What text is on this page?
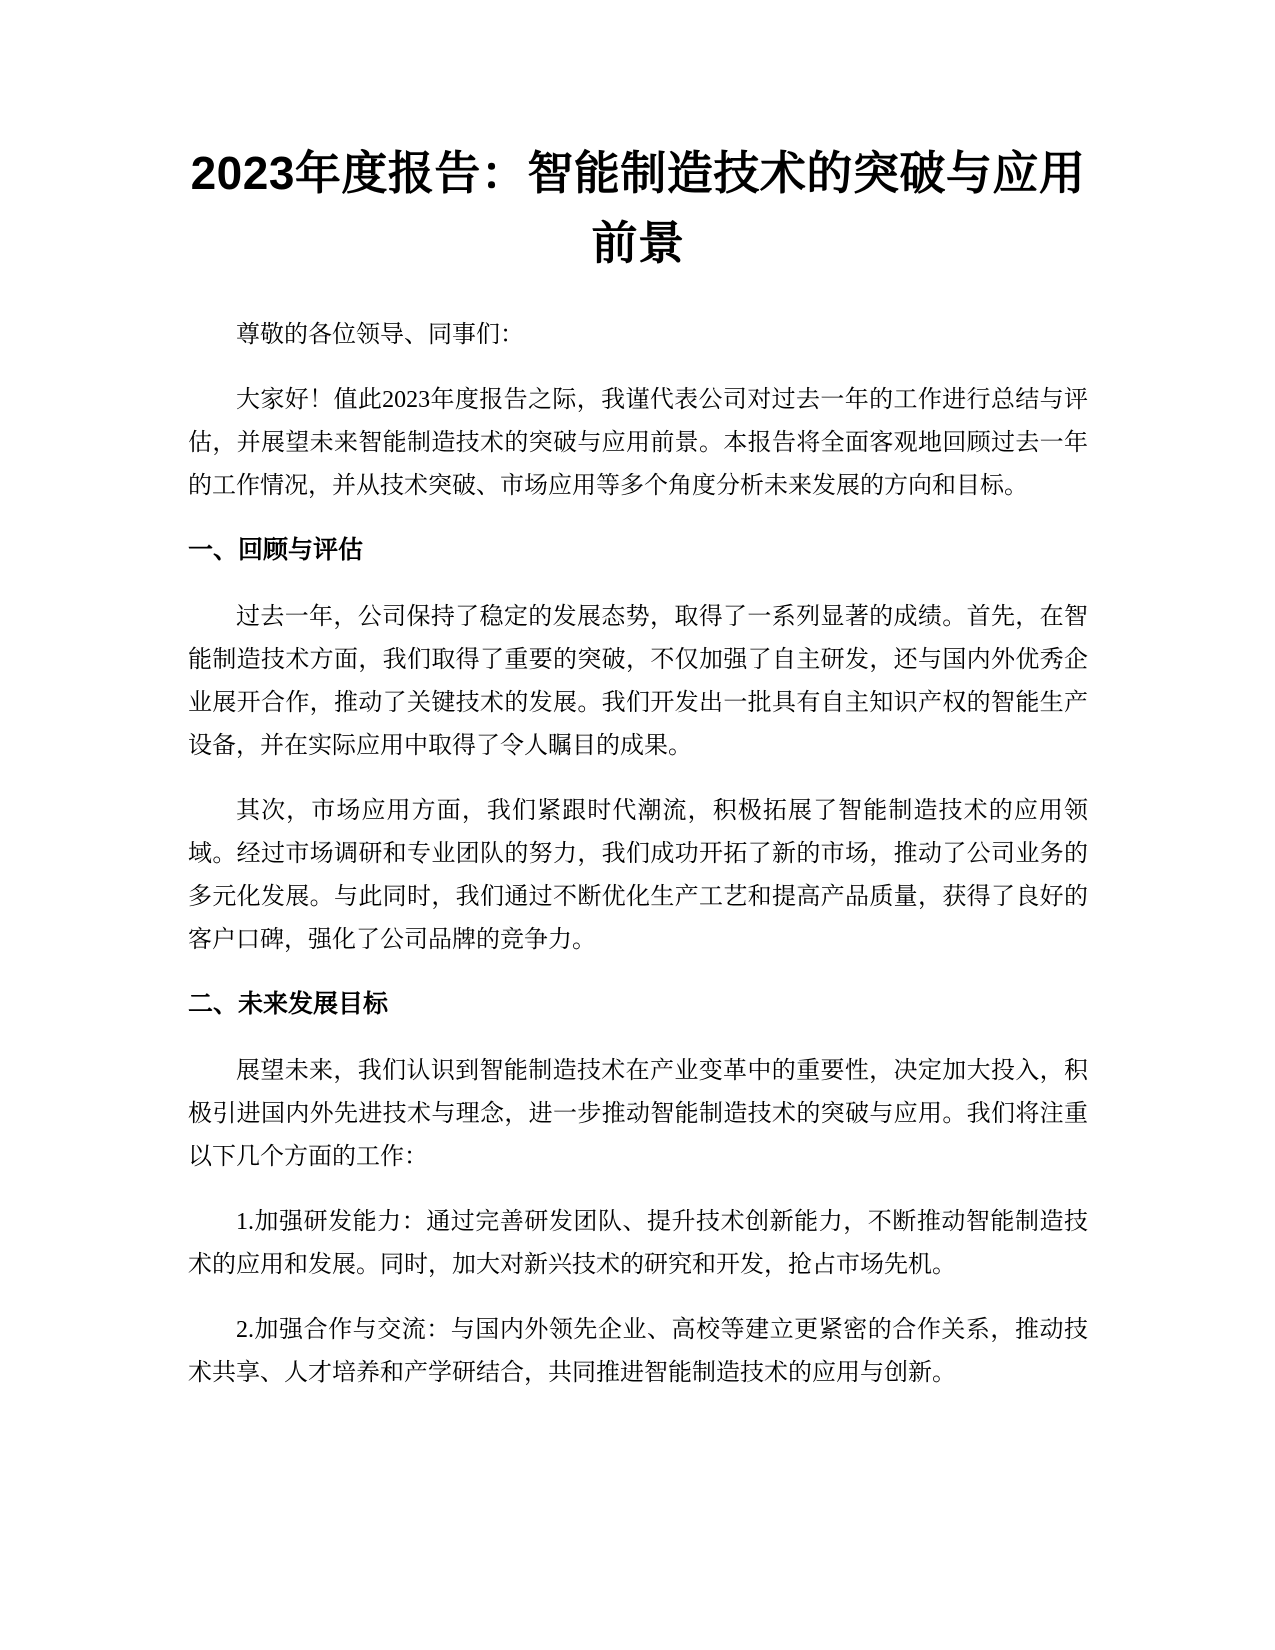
2023年度报告：智能制造技术的突破与应用前景

尊敬的各位领导、同事们：

大家好！值此2023年度报告之际，我谨代表公司对过去一年的工作进行总结与评估，并展望未来智能制造技术的突破与应用前景。本报告将全面客观地回顾过去一年的工作情况，并从技术突破、市场应用等多个角度分析未来发展的方向和目标。

一、回顾与评估

过去一年，公司保持了稳定的发展态势，取得了一系列显著的成绩。首先，在智能制造技术方面，我们取得了重要的突破，不仅加强了自主研发，还与国内外优秀企业展开合作，推动了关键技术的发展。我们开发出一批具有自主知识产权的智能生产设备，并在实际应用中取得了令人瞩目的成果。

其次，市场应用方面，我们紧跟时代潮流，积极拓展了智能制造技术的应用领域。经过市场调研和专业团队的努力，我们成功开拓了新的市场，推动了公司业务的多元化发展。与此同时，我们通过不断优化生产工艺和提高产品质量，获得了良好的客户口碑，强化了公司品牌的竞争力。

二、未来发展目标

展望未来，我们认识到智能制造技术在产业变革中的重要性，决定加大投入，积极引进国内外先进技术与理念，进一步推动智能制造技术的突破与应用。我们将注重以下几个方面的工作：

1.加强研发能力：通过完善研发团队、提升技术创新能力，不断推动智能制造技术的应用和发展。同时，加大对新兴技术的研究和开发，抢占市场先机。

2.加强合作与交流：与国内外领先企业、高校等建立更紧密的合作关系，推动技术共享、人才培养和产学研结合，共同推进智能制造技术的应用与创新。
